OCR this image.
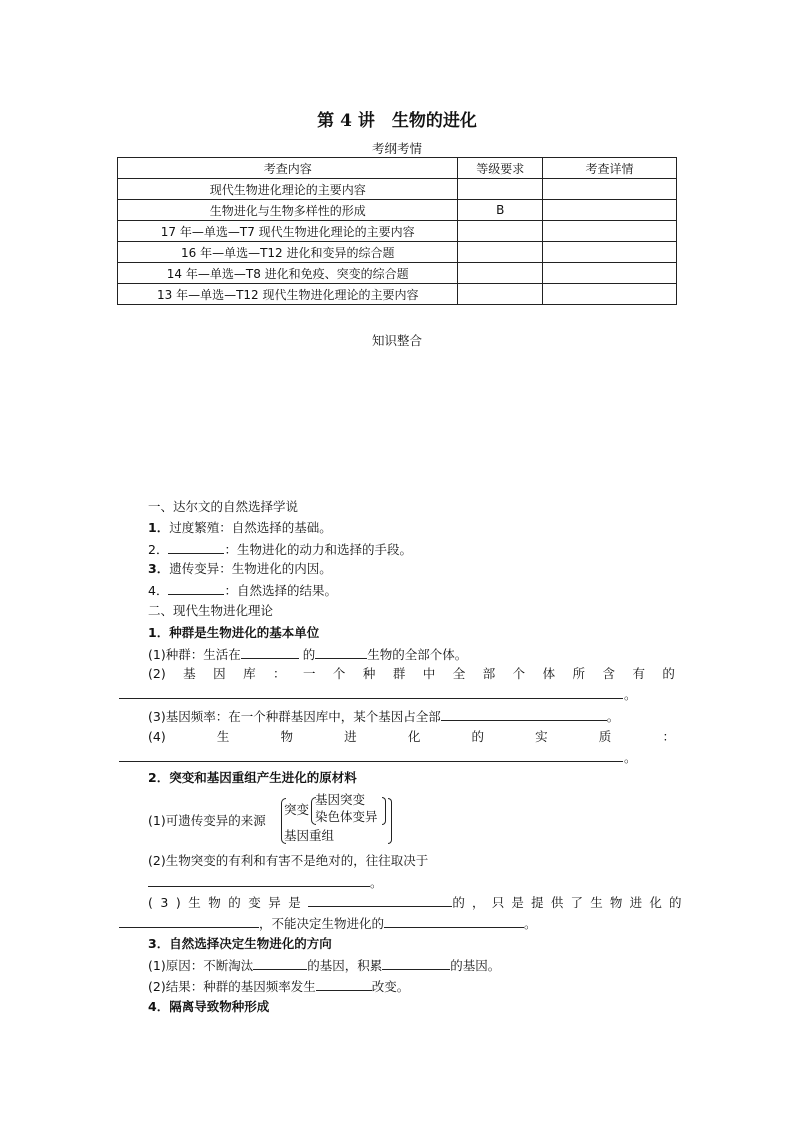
第 4 讲　生物的进化
考纲考情
考查内容	等级要求	考查详情
现代生物进化理论的主要内容		
生物进化与生物多样性的形成	B	
17 年—单选—T7 现代生物进化理论的主要内容		
16 年—单选—T12 进化和变异的综合题		
14 年—单选—T8 进化和免疫、突变的综合题		
13 年—单选—T12 现代生物进化理论的主要内容		
知识整合
一、达尔文的自然选择学说
1．过度繁殖：自然选择的基础。
2．	：生物进化的动力和选择的手段。
3．遗传变异：生物进化的内因。
4．	：自然选择的结果。
二、现代生物进化理论
1．种群是生物进化的基本单位
(1)种群：生活在	的	生物的全部个体。
(2) 基 因 库 ： 一 个 种 群 中 全 部 个 体 所 含 有 的
。
(3)基因频率：在一个种群基因库中，某个基因占全部	。
(4)	生	物	进	化	的	实	质	：
。
2．突变和基因重组产生进化的原材料
(1)可遗传变异的来源
突变
基因突变
染色体变异
基因重组
(2)生物突变的有利和有害不是绝对的，往往取决于
。
(3)生物的变异是	的，只是提供了生物进化的
，不能决定生物进化的	。
3．自然选择决定生物进化的方向
(1)原因：不断淘汰	的基因，积累	的基因。
(2)结果：种群的基因频率发生	改变。
4．隔离导致物种形成
